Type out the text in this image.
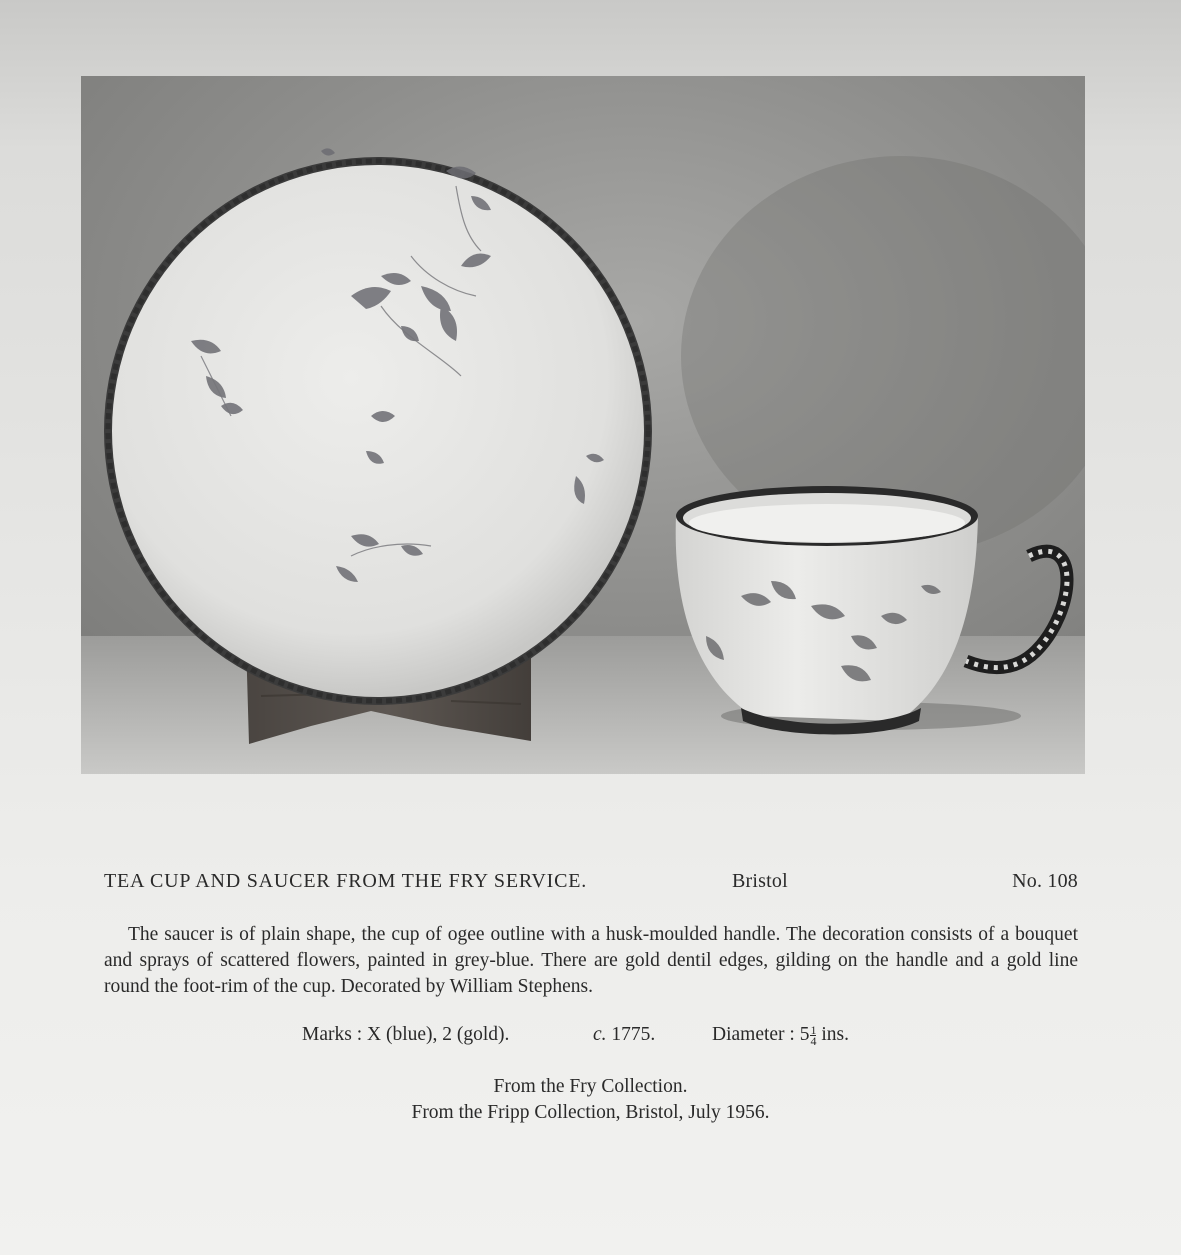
TEA CUP AND SAUCER FROM THE FRY SERVICE.	Bristol	No. 108

The saucer is of plain shape, the cup of ogee outline with a husk-moulded handle. The decoration consists of a bouquet and sprays of scattered flowers, painted in grey-blue. There are gold dentil edges, gilding on the handle and a gold line round the foot-rim of the cup. Decorated by William Stephens.

Marks : X (blue), 2 (gold).	c. 1775.	Diameter : $5 \frac{1}{4}$ ins.
From the Fry Collection.
From the Fripp Collection, Bristol, July 1956.
